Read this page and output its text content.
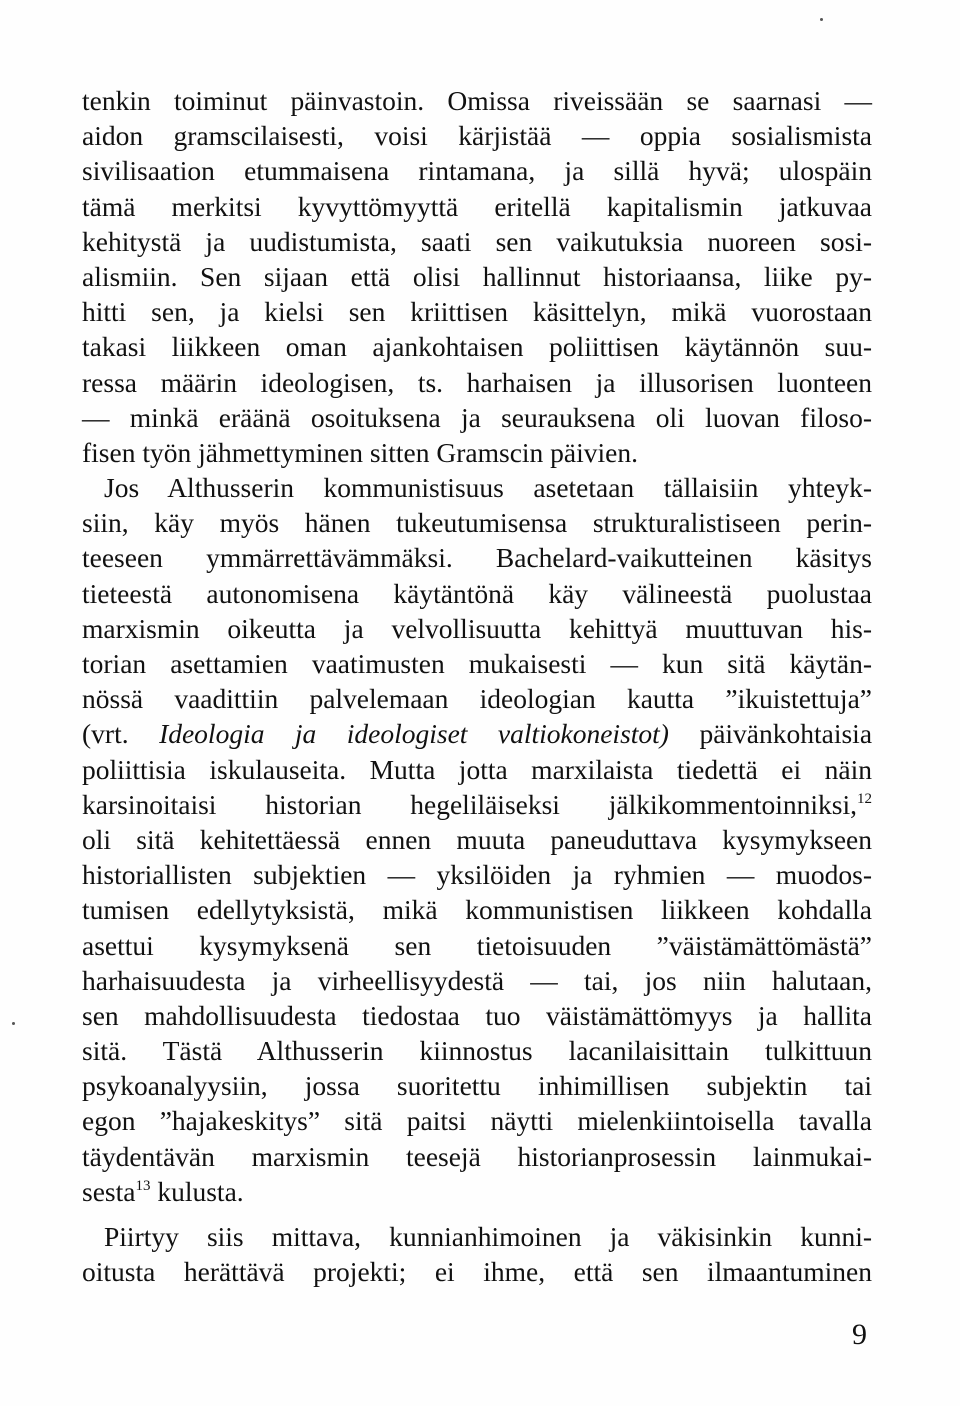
tenkin toiminut päinvastoin. Omissa riveissään se saarnasi —
aidon gramscilaisesti, voisi kärjistää — oppia sosialismista
sivilisaation etummaisena rintamana, ja sillä hyvä; ulospäin
tämä merkitsi kyvyttömyyttä eritellä kapitalismin jatkuvaa
kehitystä ja uudistumista, saati sen vaikutuksia nuoreen sosi-
alismiin. Sen sijaan että olisi hallinnut historiaansa, liike py-
hitti sen, ja kielsi sen kriittisen käsittelyn, mikä vuorostaan
takasi liikkeen oman ajankohtaisen poliittisen käytännön suu-
ressa määrin ideologisen, ts. harhaisen ja illusorisen luonteen
— minkä eräänä osoituksena ja seurauksena oli luovan filoso-
fisen työn jähmettyminen sitten Gramscin päivien.
Jos Althusserin kommunistisuus asetetaan tällaisiin yhteyk-
siin, käy myös hänen tukeutumisensa strukturalistiseen perin-
teeseen ymmärrettävämmäksi. Bachelard-vaikutteinen käsitys
tieteestä autonomisena käytäntönä käy välineestä puolustaa
marxismin oikeutta ja velvollisuutta kehittyä muuttuvan his-
torian asettamien vaatimusten mukaisesti — kun sitä käytän-
nössä vaadittiin palvelemaan ideologian kautta ”ikuistettuja”
(vrt. Ideologia ja ideologiset valtiokoneistot) päivänkohtaisia
poliittisia iskulauseita. Mutta jotta marxilaista tiedettä ei näin
karsinoitaisi historian hegeliläiseksi jälkikommentoinniksi,$^{12}$
oli sitä kehitettäessä ennen muuta paneuduttava kysymykseen
historiallisten subjektien — yksilöiden ja ryhmien — muodos-
tumisen edellytyksistä, mikä kommunistisen liikkeen kohdalla
asettui kysymyksenä sen tietoisuuden ”väistämättömästä”
harhaisuudesta ja virheellisyydestä — tai, jos niin halutaan,
sen mahdollisuudesta tiedostaa tuo väistämättömyys ja hallita
sitä. Tästä Althusserin kiinnostus lacanilaisittain tulkittuun
psykoanalyysiin, jossa suoritettu inhimillisen subjektin tai
egon ”hajakeskitys” sitä paitsi näytti mielenkiintoisella tavalla
täydentävän marxismin teesejä historianprosessin lainmukai-
sesta$^{13}$ kulusta.
Piirtyy siis mittava, kunnianhimoinen ja väkisinkin kunni-
oitusta herättävä projekti; ei ihme, että sen ilmaantuminen
9
